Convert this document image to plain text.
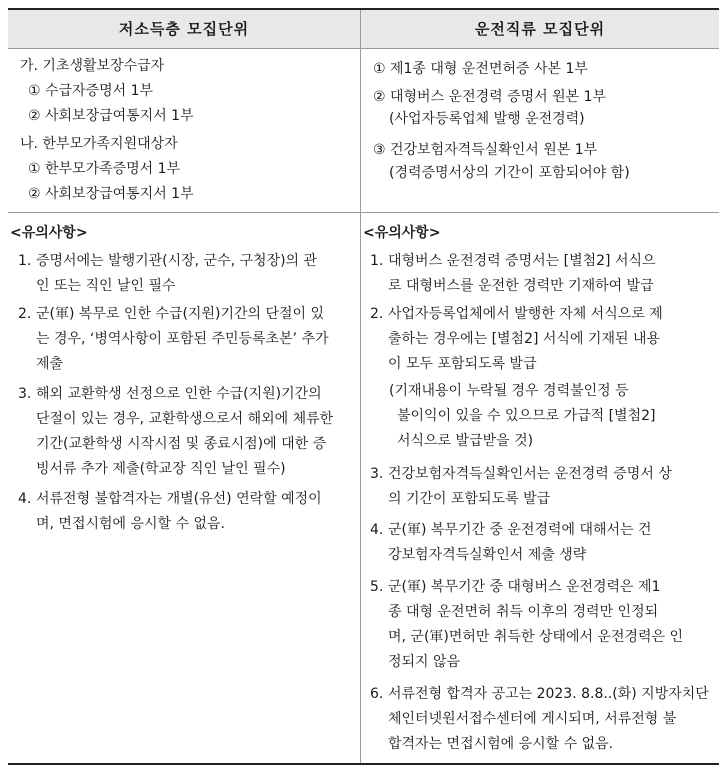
저소득층 모집단위	운전직류 모집단위
가. 기초생활보장수급자
① 수급자증명서 1부
② 사회보장급여통지서 1부
나. 한부모가족지원대상자
① 한부모가족증명서 1부
② 사회보장급여통지서 1부
① 제1종 대형 운전면허증 사본 1부
② 대형버스 운전경력 증명서 원본 1부
(사업자등록업체 발행 운전경력)
③ 건강보험자격득실확인서 원본 1부
(경력증명서상의 기간이 포함되어야 함)
<유의사항>
1. 증명서에는 발행기관(시장, 군수, 구청장)의 관
인 또는 직인 날인 필수
2. 군(軍) 복무로 인한 수급(지원)기간의 단절이 있
는 경우, ‘병역사항이 포함된 주민등록초본’ 추가
제출
3. 해외 교환학생 선정으로 인한 수급(지원)기간의
단절이 있는 경우, 교환학생으로서 해외에 체류한
기간(교환학생 시작시점 및 종료시점)에 대한 증
빙서류 추가 제출(학교장 직인 날인 필수)
4. 서류전형 불합격자는 개별(유선) 연락할 예정이
며, 면접시험에 응시할 수 없음.
<유의사항>
1. 대형버스 운전경력 증명서는 [별첨2] 서식으
로 대형버스를 운전한 경력만 기재하여 발급
2. 사업자등록업체에서 발행한 자체 서식으로 제
출하는 경우에는 [별첨2] 서식에 기재된 내용
이 모두 포함되도록 발급
(기재내용이 누락될 경우 경력불인정 등
불이익이 있을 수 있으므로 가급적 [별첨2]
서식으로 발급받을 것)
3. 건강보험자격득실확인서는 운전경력 증명서 상
의 기간이 포함되도록 발급
4. 군(軍) 복무기간 중 운전경력에 대해서는 건
강보험자격득실확인서 제출 생략
5. 군(軍) 복무기간 중 대형버스 운전경력은 제1
종 대형 운전면허 취득 이후의 경력만 인정되
며, 군(軍)면허만 취득한 상태에서 운전경력은 인
정되지 않음
6. 서류전형 합격자 공고는 2023. 8.8..(화) 지방자치단
체인터넷원서접수센터에 게시되며, 서류전형 불
합격자는 면접시험에 응시할 수 없음.
